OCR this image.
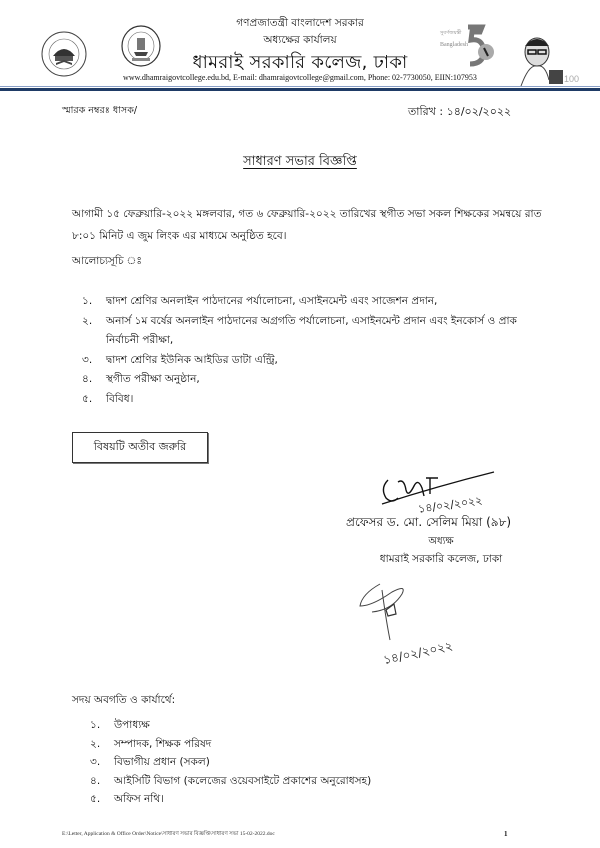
সুবর্ণজয়ন্তী
Bangladesh
100
গণপ্রজাতন্ত্রী বাংলাদেশ সরকার
অধ্যক্ষের কার্যালয়
ধামরাই সরকারি কলেজ, ঢাকা
www.dhamraigovtcollege.edu.bd, E-mail: dhamraigovtcollege@gmail.com, Phone: 02-7730050, EIIN:107953
স্মারক নম্বরঃ ধাসক/	তারিখ : ১৪/০২/২০২২
সাধারণ সভার বিজ্ঞপ্তি
আগামী ১৫ ফেব্রুয়ারি-২০২২ মঙ্গলবার, গত ৬ ফেব্রুয়ারি-২০২২ তারিখের স্থগীত সভা সকল শিক্ষকের সমন্বয়ে রাত ৮:০১ মিনিট এ জুম লিংক এর মাধ্যমে অনুষ্ঠিত হবে।
আলোচ্যসূচি ঃ
১.	দ্বাদশ শ্রেণির অনলাইন পাঠদানের পর্যালোচনা, এসাইনমেন্ট এবং সাজেশন প্রদান,
২.	অনার্স ১ম বর্ষের অনলাইন পাঠদানের অগ্রগতি পর্যালোচনা, এসাইনমেন্ট প্রদান এবং ইনকোর্স ও প্রাক নির্বাচনী পরীক্ষা,
৩.	দ্বাদশ শ্রেণির ইউনিক আইডির ডাটা এন্ট্রি,
৪.	স্থগীত পরীক্ষা অনুষ্ঠান,
৫.	বিবিধ।
বিষয়টি অতীব জরুরি
১৪/০২/২০২২
প্রফেসর ড. মো. সেলিম মিয়া (৯৮)
অধ্যক্ষ
ধামরাই সরকারি কলেজ, ঢাকা
১৪/০২/২০২২
সদয় অবগতি ও কার্যার্থে:
১.	উপাধ্যক্ষ
২.	সম্পাদক, শিক্ষক পরিষদ
৩.	বিভাগীয় প্রধান (সকল)
৪.	আইসিটি বিভাগ (কলেজের ওয়েবসাইটে প্রকাশের অনুরোধসহ)
৫.	অফিস নথি।
E:\Letter, Application & Office Order\Notice\সাধারণ সভার বিজ্ঞপ্তি\সাধারণ সভা 15-02-2022.doc	1
